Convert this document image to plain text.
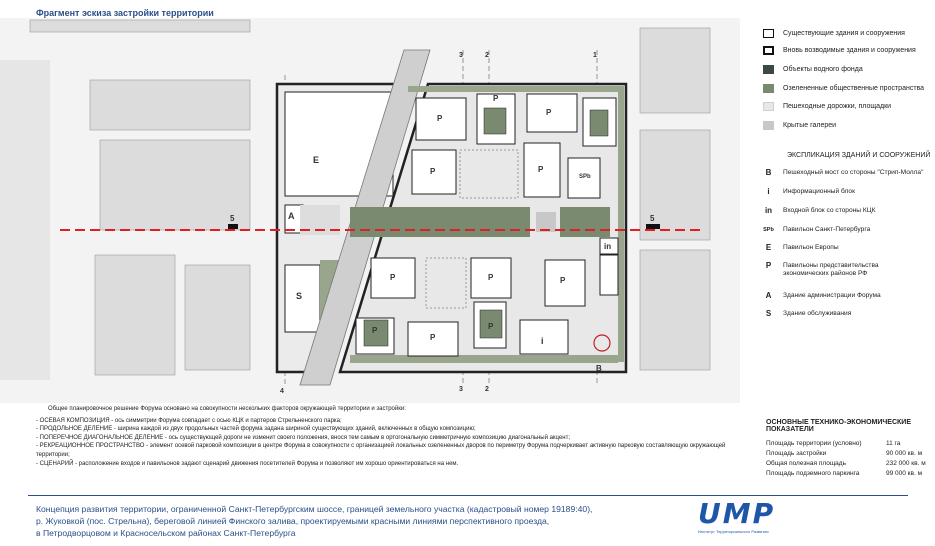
Фрагмент эскиза застройки территории
E
A
S
in
SPb
i
B
P
P
P
P	P
P	P	P
P
P
P
5	5
4
3	2	1
3	2
Существующие здания и сооружения
Вновь возводимые здания и сооружения
Объекты водного фонда
Озелененные общественные пространства
Пешеходные дорожки, площадки
Крытые галереи
ЭКСПЛИКАЦИЯ ЗДАНИЙ И СООРУЖЕНИЙ
B	Пешеходный мост со стороны "Стрип-Молла"
i	Информационный блок
in Входной блок со стороны КЦК
SPb Павильон Санкт-Петербурга
E	Павильон Европы
P	Павильоны представительства экономических районов РФ
A	Здание администрации Форума
S	Здание обслуживания

Общее планировочное решение Форума основано на совокупности нескольких факторов окружающей территории и застройки:

- ОСЕВАЯ КОМПОЗИЦИЯ - ось симметрии Форума совпадает с осью КЦК и партеров Стрельненского парка;

- ПРОДОЛЬНОЕ ДЕЛЕНИЕ - ширина каждой из двух продольных частей форума задана шириной существующих зданий, включенных в общую композицию;

- ПОПЕРЕЧНОЕ ДИАГОНАЛЬНОЕ ДЕЛЕНИЕ - ось существующей дороги не изменит своего положения, внося тем самым в ортогональную симметричную композицию диагональный акцент;

- РЕКРЕАЦИОННОЕ ПРОСТРАНСТВО - элемент осевой парковой композиции в центре Форума в совокупности с организацией локальных озелененных дворов по периметру Форума подчеркивает активную парковую составляющую окружающей территории;

- СЦЕНАРИЙ - расположение входов и павильонов задают сценарий движения посетителей Форума и позволяют им хорошо ориентироваться на нем.

ОСНОВНЫЕ ТЕХНИКО-ЭКОНОМИЧЕСКИЕ ПОКАЗАТЕЛИ
Площадь территории (условно)	11 га
Площадь застройки	90 000 кв. м
Общая полезная площадь	232 000 кв. м
Площадь подземного паркинга	99 000 кв. м

Концепция развития территории, ограниченной Санкт-Петербургским шоссе, границей земельного участка (кадастровый номер 19189:40),

р. Жуковкой (пос. Стрельна), береговой линией Финского залива, проектируемыми красными линиями перспективного проезда,

в Петродворцовом и Красносельском районах Санкт-Петербурга

UMP
Институт Территориального Развития
